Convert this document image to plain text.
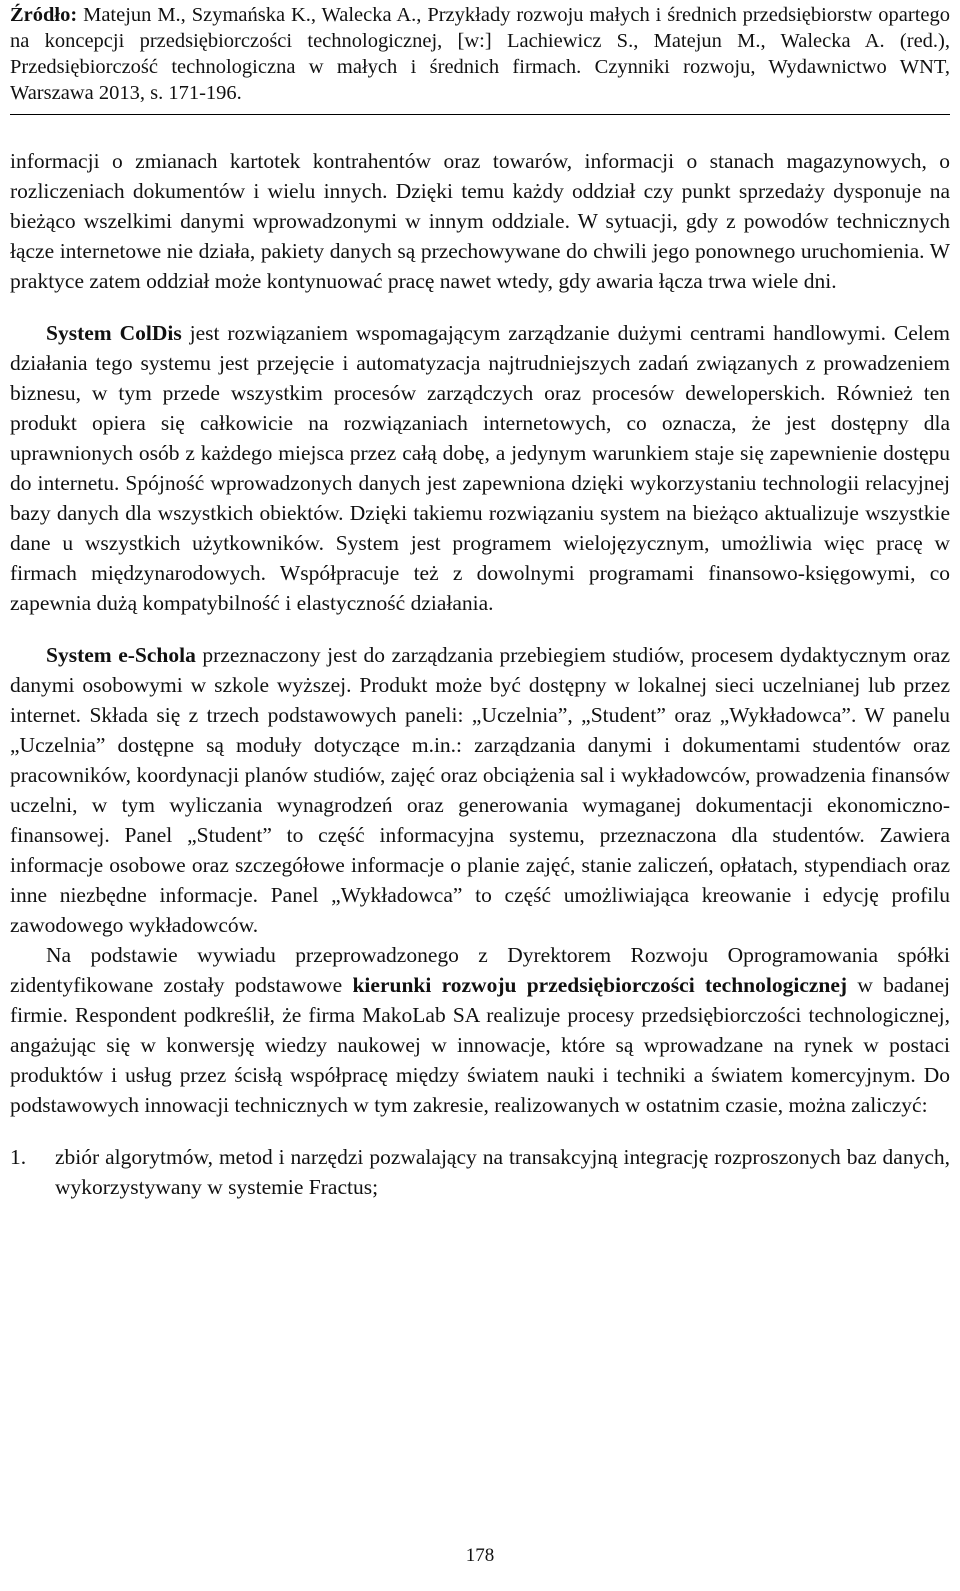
Źródło: Matejun M., Szymańska K., Walecka A., Przykłady rozwoju małych i średnich przedsiębiorstw opartego na koncepcji przedsiębiorczości technologicznej, [w:] Lachiewicz S., Matejun M., Walecka A. (red.), Przedsiębiorczość technologiczna w małych i średnich firmach. Czynniki rozwoju, Wydawnictwo WNT, Warszawa 2013, s. 171-196.

informacji o zmianach kartotek kontrahentów oraz towarów, informacji o stanach magazynowych, o rozliczeniach dokumentów i wielu innych. Dzięki temu każdy oddział czy punkt sprzedaży dysponuje na bieżąco wszelkimi danymi wprowadzonymi w innym oddziale. W sytuacji, gdy z powodów technicznych łącze internetowe nie działa, pakiety danych są przechowywane do chwili jego ponownego uruchomienia. W praktyce zatem oddział może kontynuować pracę nawet wtedy, gdy awaria łącza trwa wiele dni.

System ColDis jest rozwiązaniem wspomagającym zarządzanie dużymi centrami handlowymi. Celem działania tego systemu jest przejęcie i automatyzacja najtrudniejszych zadań związanych z prowadzeniem biznesu, w tym przede wszystkim procesów zarządczych oraz procesów deweloperskich. Również ten produkt opiera się całkowicie na rozwiązaniach internetowych, co oznacza, że jest dostępny dla uprawnionych osób z każdego miejsca przez całą dobę, a jedynym warunkiem staje się zapewnienie dostępu do internetu. Spójność wprowadzonych danych jest zapewniona dzięki wykorzystaniu technologii relacyjnej bazy danych dla wszystkich obiektów. Dzięki takiemu rozwiązaniu system na bieżąco aktualizuje wszystkie dane u wszystkich użytkowników. System jest programem wielojęzycznym, umożliwia więc pracę w firmach międzynarodowych. Współpracuje też z dowolnymi programami finansowo-księgowymi, co zapewnia dużą kompatybilność i elastyczność działania.

System e-Schola przeznaczony jest do zarządzania przebiegiem studiów, procesem dydaktycznym oraz danymi osobowymi w szkole wyższej. Produkt może być dostępny w lokalnej sieci uczelnianej lub przez internet. Składa się z trzech podstawowych paneli: „Uczelnia”, „Student” oraz „Wykładowca”. W panelu „Uczelnia” dostępne są moduły dotyczące m.in.: zarządzania danymi i dokumentami studentów oraz pracowników, koordynacji planów studiów, zajęć oraz obciążenia sal i wykładowców, prowadzenia finansów uczelni, w tym wyliczania wynagrodzeń oraz generowania wymaganej dokumentacji ekonomiczno-finansowej. Panel „Student” to część informacyjna systemu, przeznaczona dla studentów. Zawiera informacje osobowe oraz szczegółowe informacje o planie zajęć, stanie zaliczeń, opłatach, stypendiach oraz inne niezbędne informacje. Panel „Wykładowca” to część umożliwiająca kreowanie i edycję profilu zawodowego wykładowców.

Na podstawie wywiadu przeprowadzonego z Dyrektorem Rozwoju Oprogramowania spółki zidentyfikowane zostały podstawowe kierunki rozwoju przedsiębiorczości technologicznej w badanej firmie. Respondent podkreślił, że firma MakoLab SA realizuje procesy przedsiębiorczości technologicznej, angażując się w konwersję wiedzy naukowej w innowacje, które są wprowadzane na rynek w postaci produktów i usług przez ścisłą współpracę między światem nauki i techniki a światem komercyjnym. Do podstawowych innowacji technicznych w tym zakresie, realizowanych w ostatnim czasie, można zaliczyć:

1.	zbiór algorytmów, metod i narzędzi pozwalający na transakcyjną integrację rozproszonych baz danych, wykorzystywany w systemie Fractus;
178
